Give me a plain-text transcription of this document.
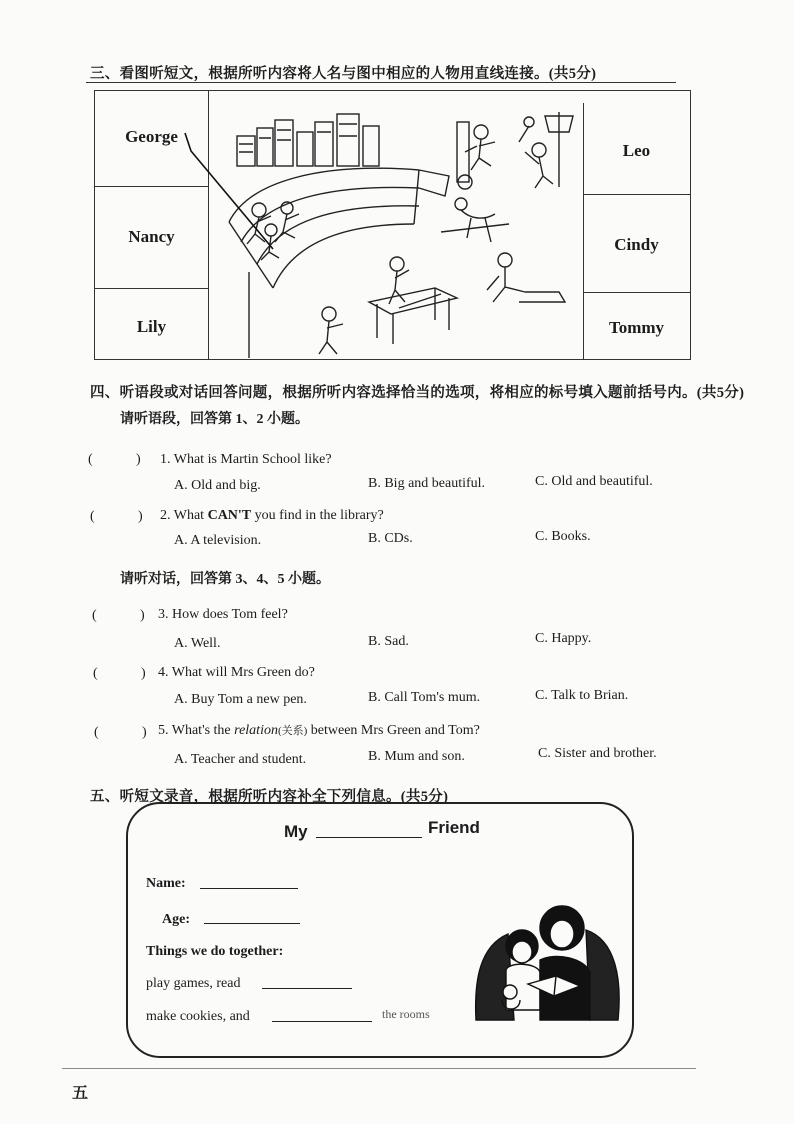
三、看图听短文，根据所听内容将人名与图中相应的人物用直线连接。(共5分)
George
Nancy
Lily
Leo
Cindy
Tommy
四、听语段或对话回答问题，根据所听内容选择恰当的选项，将相应的标号填入题前括号内。(共5分)
请听语段，回答第 1、2 小题。
(	) 1. What is Martin School like?
A. Old and big.	B. Big and beautiful.	C. Old and beautiful.
(	) 2. What CAN'T you find in the library?
A. A television.	B. CDs.	C. Books.
请听对话，回答第 3、4、5 小题。
(	) 3. How does Tom feel?
A. Well.	B. Sad.	C. Happy.
(	) 4. What will Mrs Green do?
A. Buy Tom a new pen.	B. Call Tom's mum.	C. Talk to Brian.
(	) 5. What's the relation(关系) between Mrs Green and Tom?
A. Teacher and student.	B. Mum and son.	C. Sister and brother.
五、听短文录音，根据所听内容补全下列信息。(共5分)
My	Friend
Name:
Age:
Things we do together:
play games, read
make cookies, and	the rooms
五
